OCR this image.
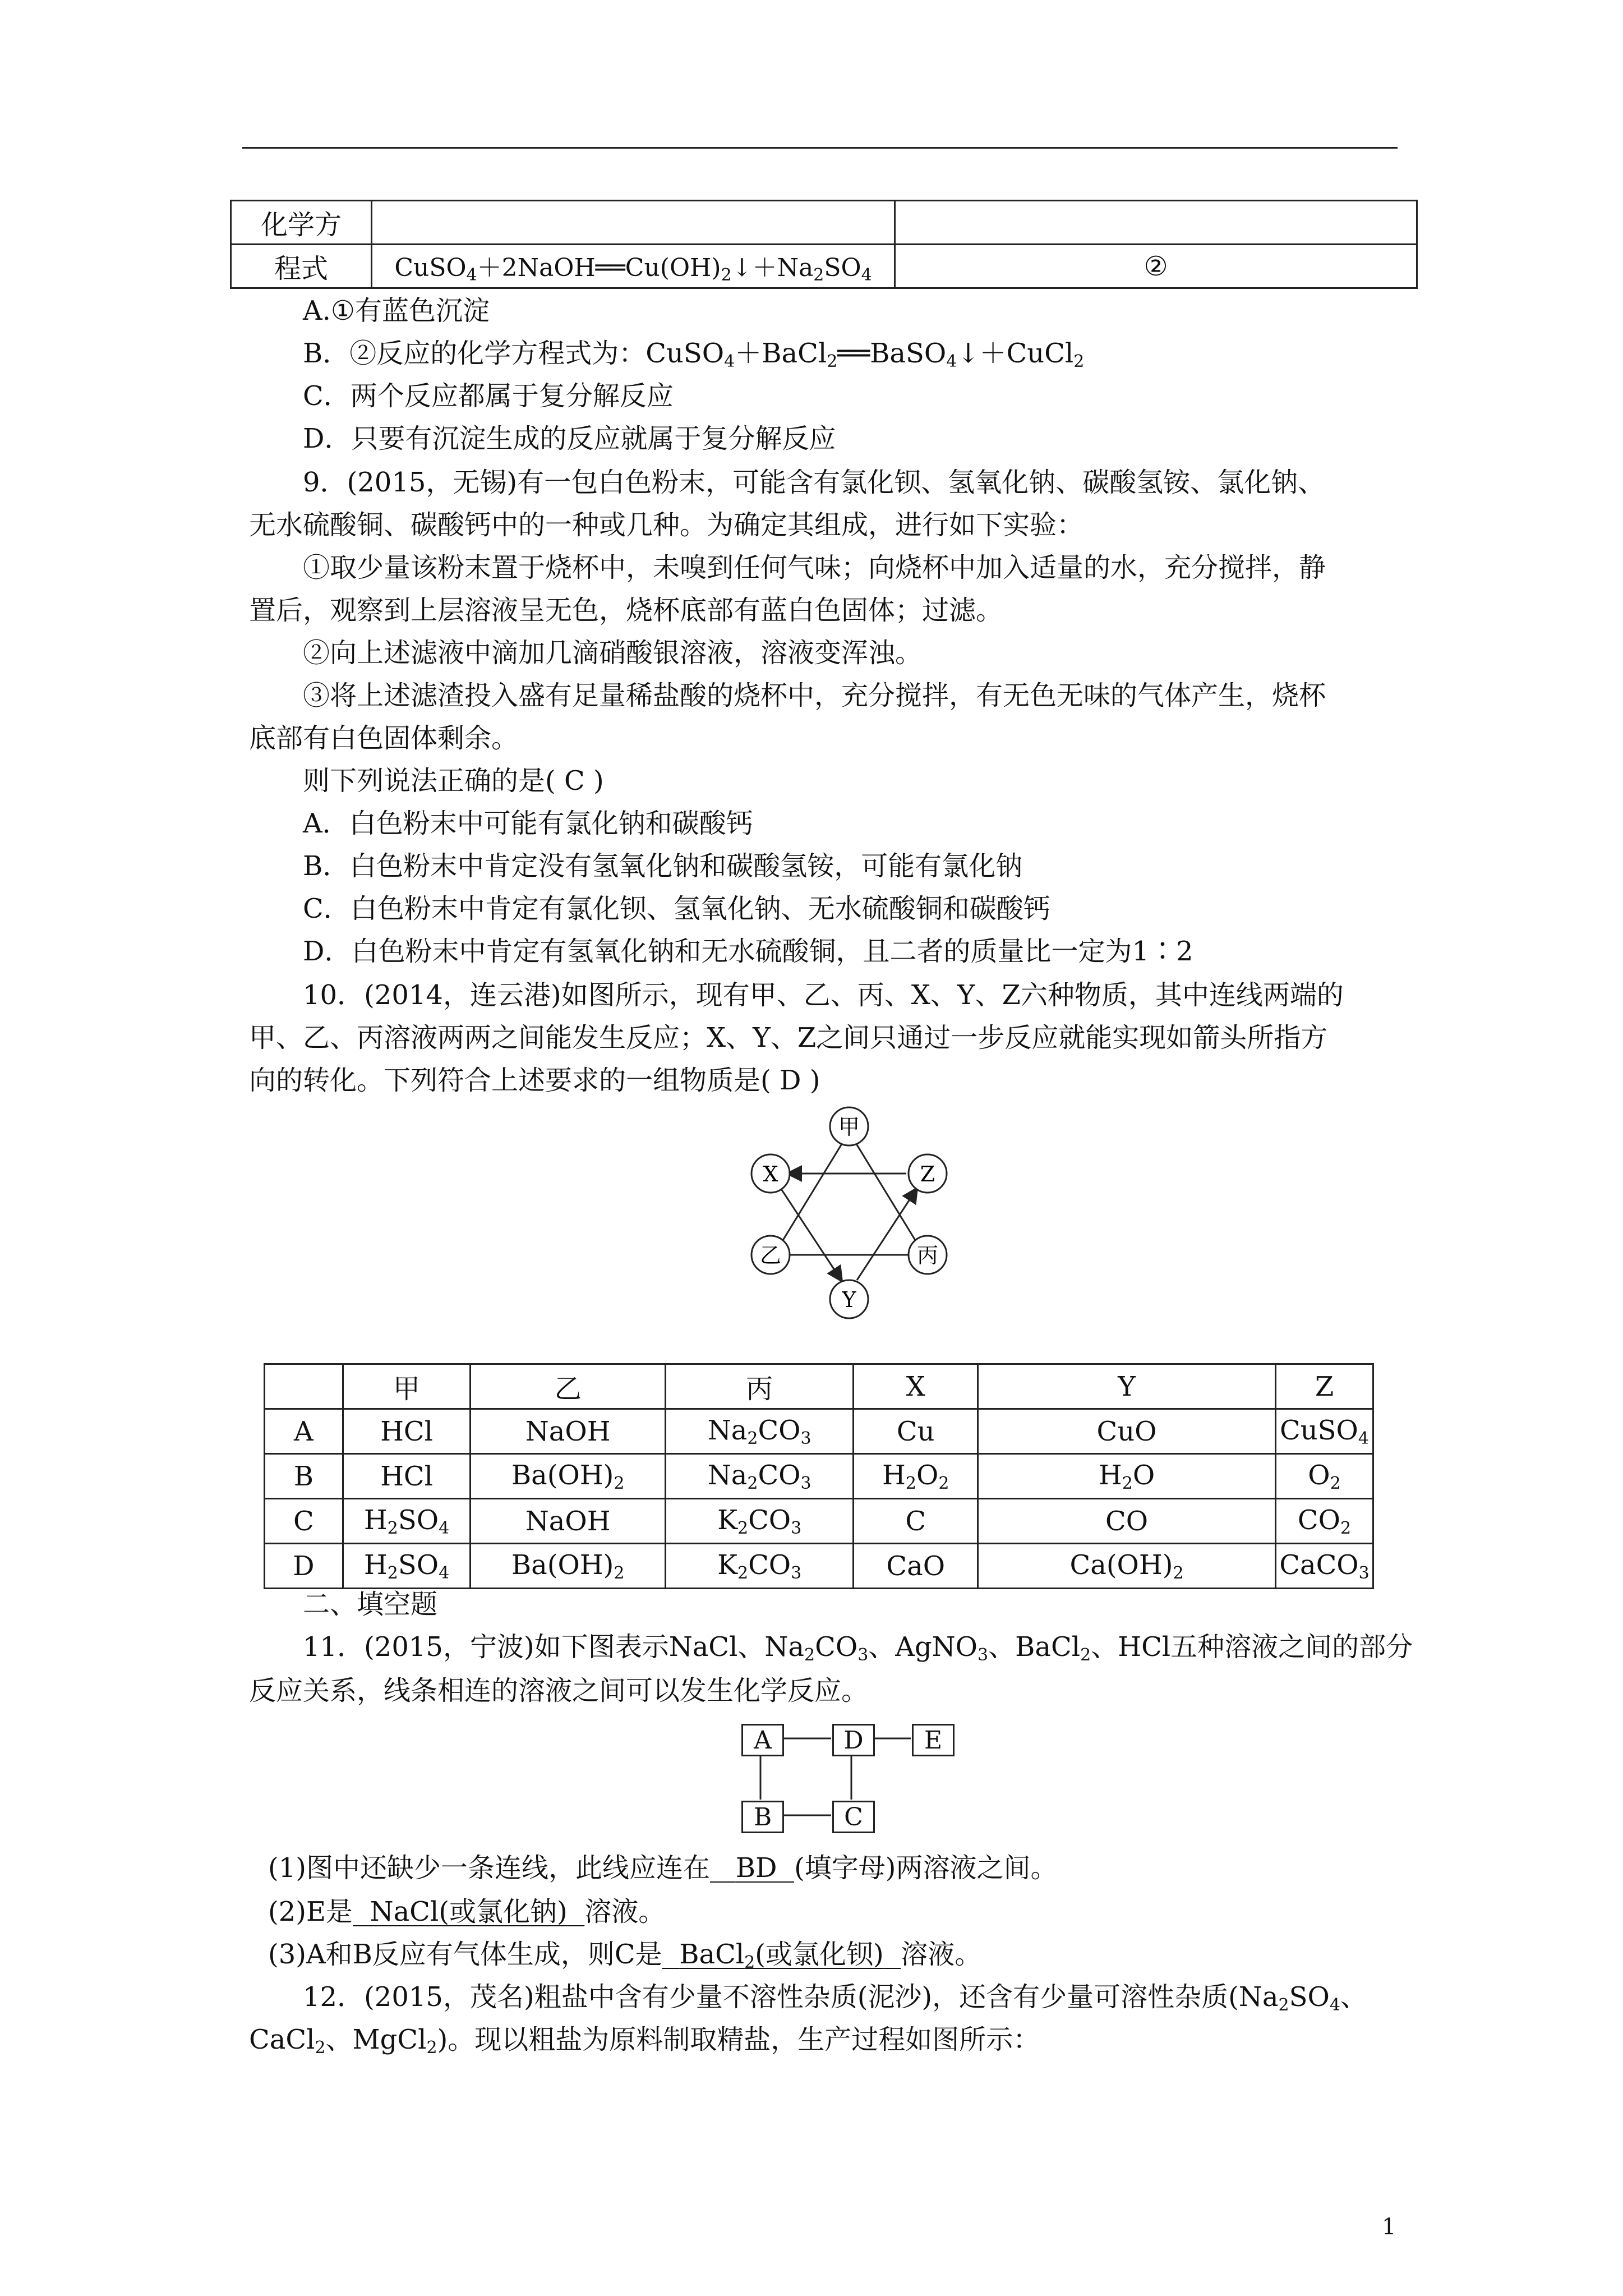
化学方		
程式	$CuSO_4+2NaOH══Cu(OH)_2↓+Na_2SO_4$	②
A.①有蓝色沉淀
B．②反应的化学方程式为：CuSO$_4$＋BaCl$_2$══BaSO$_4$↓＋CuCl$_2$
C．两个反应都属于复分解反应
D．只要有沉淀生成的反应就属于复分解反应
9．(2015，无锡)有一包白色粉末，可能含有氯化钡、氢氧化钠、碳酸氢铵、氯化钠、
无水硫酸铜、碳酸钙中的一种或几种。为确定其组成，进行如下实验：
①取少量该粉末置于烧杯中，未嗅到任何气味；向烧杯中加入适量的水，充分搅拌，静
置后，观察到上层溶液呈无色，烧杯底部有蓝白色固体；过滤。
②向上述滤液中滴加几滴硝酸银溶液，溶液变浑浊。
③将上述滤渣投入盛有足量稀盐酸的烧杯中，充分搅拌，有无色无味的气体产生，烧杯
底部有白色固体剩余。
则下列说法正确的是( C )
A．白色粉末中可能有氯化钠和碳酸钙
B．白色粉末中肯定没有氢氧化钠和碳酸氢铵，可能有氯化钠
C．白色粉末中肯定有氯化钡、氢氧化钠、无水硫酸铜和碳酸钙
D．白色粉末中肯定有氢氧化钠和无水硫酸铜，且二者的质量比一定为1∶2
10．(2014，连云港)如图所示，现有甲、乙、丙、X、Y、Z六种物质，其中连线两端的
甲、乙、丙溶液两两之间能发生反应；X、Y、Z之间只通过一步反应就能实现如箭头所指方
向的转化。下列符合上述要求的一组物质是( D )
甲
X	Z
乙	丙
Y
	甲	乙	丙	X	Y	Z
A	HCl	NaOH	$Na_2CO_3$	Cu	CuO	CuSO$_4$
B	HCl	$Ba(OH)_2$	$Na_2CO_3$	$H_2O_2$	$H_2O$	$O_2$
C	$H_2SO_4$	NaOH	$K_2CO_3$	C	CO	$CO_2$
D	$H_2SO_4$	$Ba(OH)_2$	$K_2CO_3$	CaO	$Ca(OH)_2$	CaCO$_3$
二、填空题
11．(2015，宁波)如下图表示NaCl、$Na_2CO_3$、AgNO$_3$、BaCl$_2$、HCl五种溶液之间的部分
反应关系，线条相连的溶液之间可以发生化学反应。
A	D	E
B	C
(1)图中还缺少一条连线，此线应连在 BD (填字母)两溶液之间。
(2)E是 NaCl(或氯化钠) 溶液。
(3)A和B反应有气体生成，则C是 BaCl$_2$(或氯化钡) 溶液。
12．(2015，茂名)粗盐中含有少量不溶性杂质(泥沙)，还含有少量可溶性杂质($Na_2SO_4$、
CaCl$_2$、MgCl$_2$)。现以粗盐为原料制取精盐，生产过程如图所示：
1
